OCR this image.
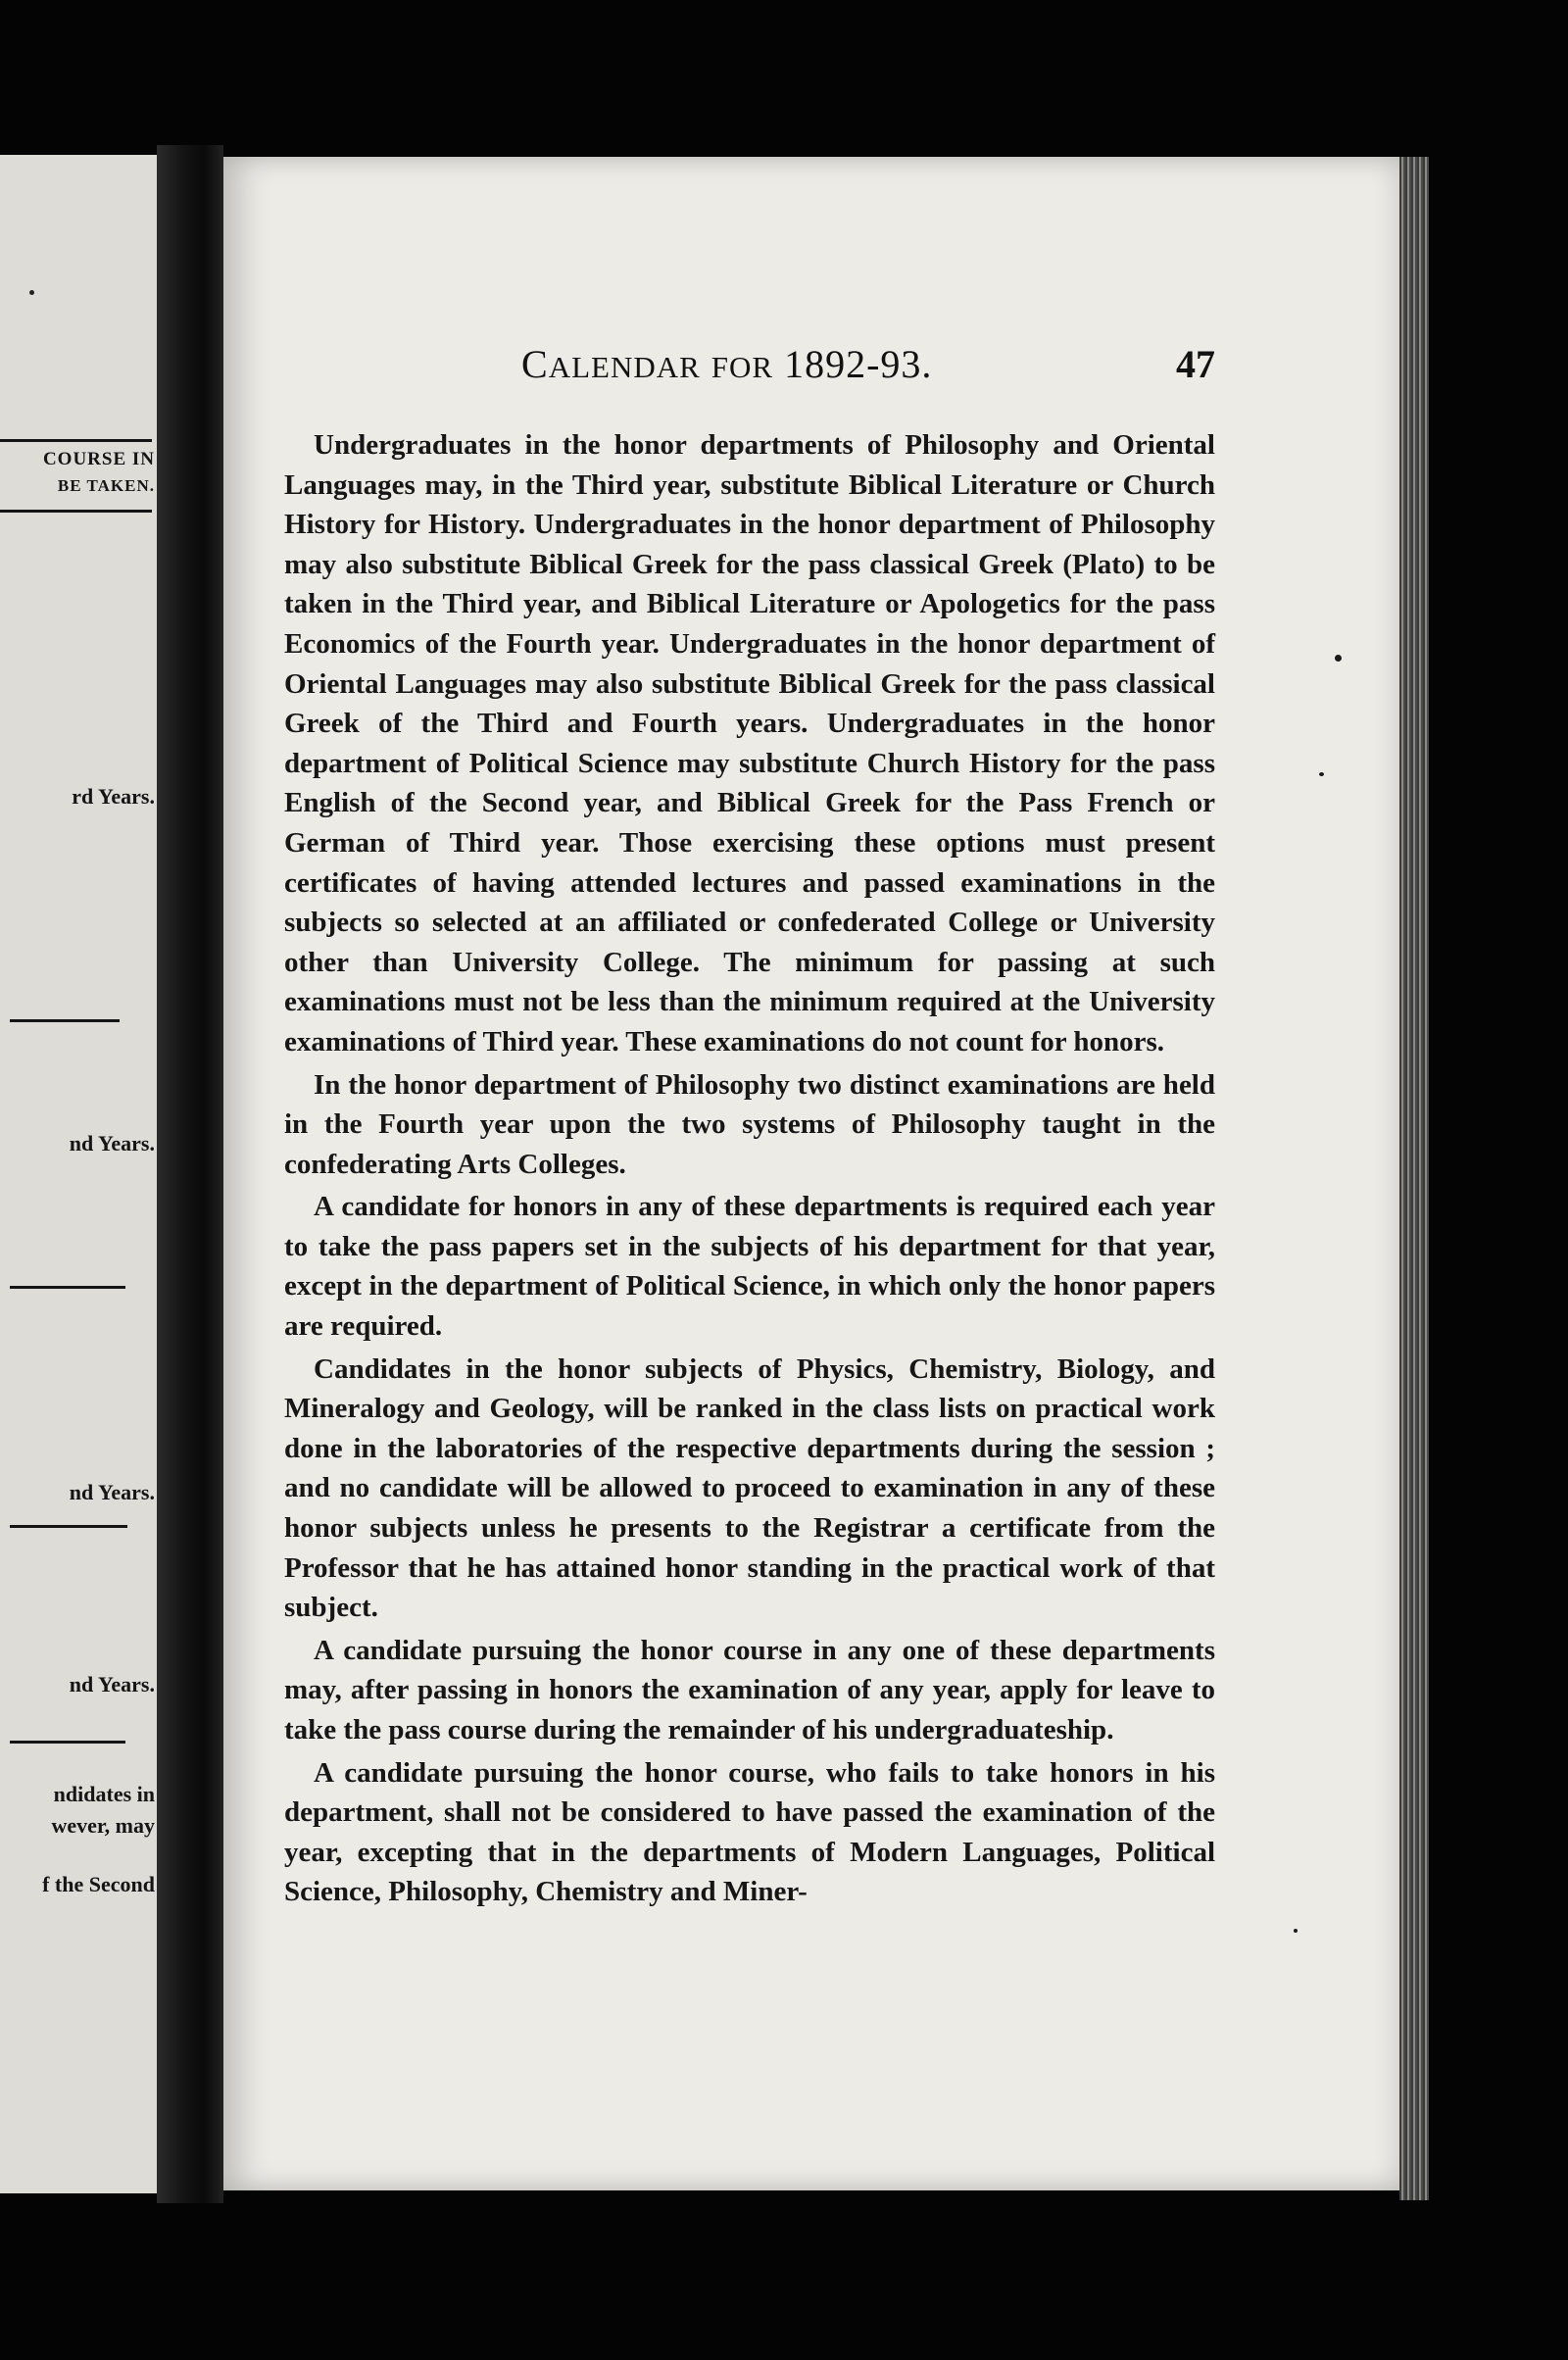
COURSE IN
BE TAKEN.
rd Years.
nd Years.
nd Years.
nd Years.
ndidates in
wever, may
f the Second
CALENDAR FOR 1892-93.	47

Undergraduates in the honor departments of Philosophy and Oriental Languages may, in the Third year, substitute Biblical Literature or Church History for History. Undergraduates in the honor department of Philosophy may also substitute Biblical Greek for the pass classical Greek (Plato) to be taken in the Third year, and Biblical Literature or Apologetics for the pass Economics of the Fourth year. Undergraduates in the honor department of Oriental Languages may also substitute Biblical Greek for the pass classical Greek of the Third and Fourth years. Undergraduates in the honor department of Political Science may substitute Church History for the pass English of the Second year, and Biblical Greek for the Pass French or German of Third year. Those exercising these options must present certificates of having attended lectures and passed examinations in the subjects so selected at an affiliated or confederated College or University other than University College. The minimum for passing at such examinations must not be less than the minimum required at the University examinations of Third year. These examinations do not count for honors.

In the honor department of Philosophy two distinct examinations are held in the Fourth year upon the two systems of Philosophy taught in the confederating Arts Colleges.

A candidate for honors in any of these departments is required each year to take the pass papers set in the subjects of his department for that year, except in the department of Political Science, in which only the honor papers are required.

Candidates in the honor subjects of Physics, Chemistry, Biology, and Mineralogy and Geology, will be ranked in the class lists on practical work done in the laboratories of the respective departments during the session ; and no candidate will be allowed to proceed to examination in any of these honor subjects unless he presents to the Registrar a certificate from the Professor that he has attained honor standing in the practical work of that subject.

A candidate pursuing the honor course in any one of these departments may, after passing in honors the examination of any year, apply for leave to take the pass course during the remainder of his undergraduateship.

A candidate pursuing the honor course, who fails to take honors in his department, shall not be considered to have passed the examination of the year, excepting that in the departments of Modern Languages, Political Science, Philosophy, Chemistry and Miner-
